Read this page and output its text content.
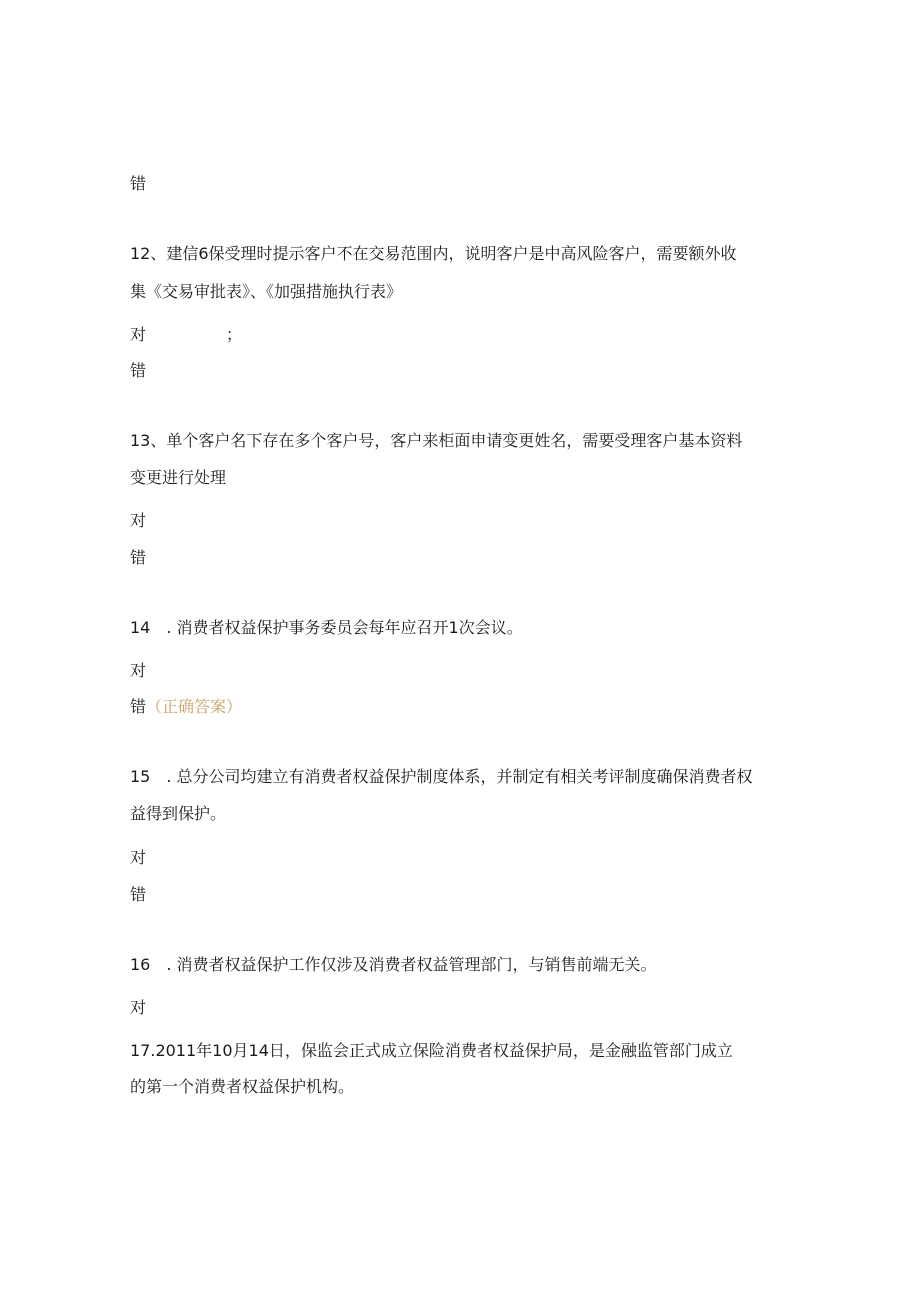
错
12、建信6保受理时提示客户不在交易范围内，说明客户是中高风险客户，需要额外收
集《交易审批表》、《加强措施执行表》
对	；
错
13、单个客户名下存在多个客户号，客户来柜面申请变更姓名，需要受理客户基本资料
变更进行处理
对
错
14　. 消费者权益保护事务委员会每年应召开1次会议。
对
错（正确答案）
15　. 总分公司均建立有消费者权益保护制度体系，并制定有相关考评制度确保消费者权
益得到保护。
对
错
16　. 消费者权益保护工作仅涉及消费者权益管理部门，与销售前端无关。
对
17.2011年10月14日，保监会正式成立保险消费者权益保护局，是金融监管部门成立
的第一个消费者权益保护机构。
